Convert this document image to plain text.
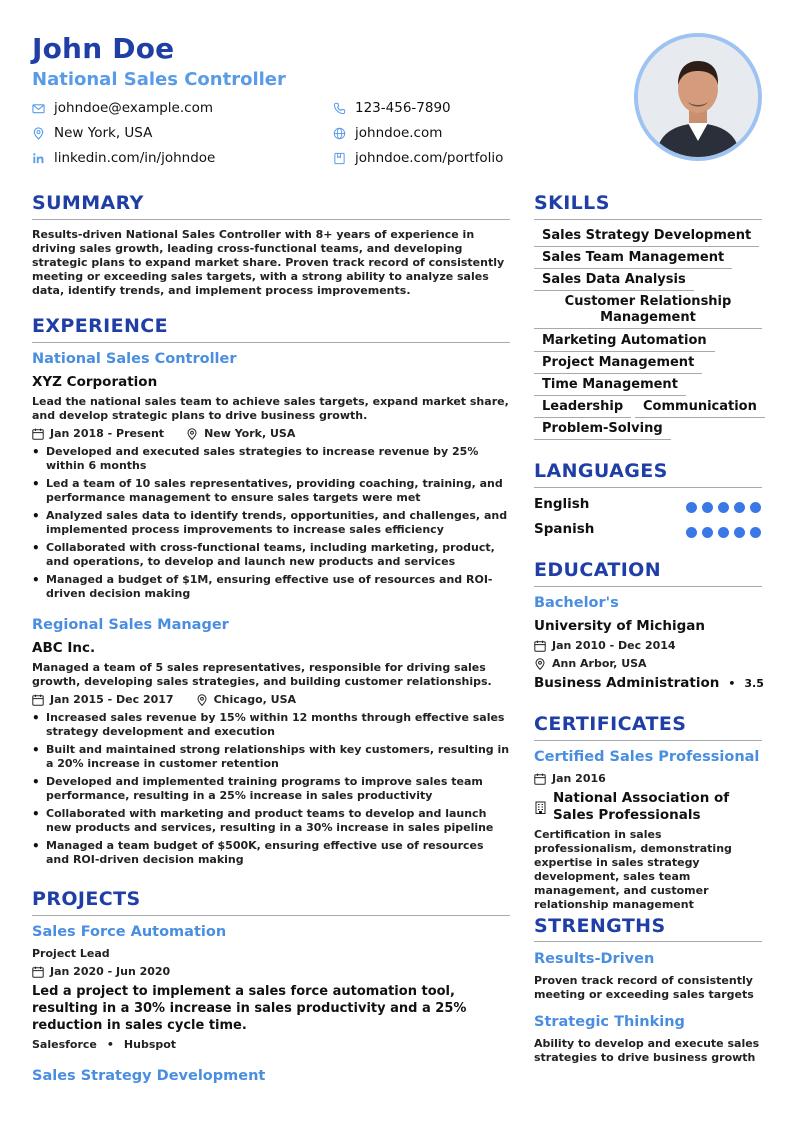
John Doe
National Sales Controller
johndoe@example.com	123-456-7890
New York, USA	johndoe.com
linkedin.com/in/johndoe	johndoe.com/portfolio
SUMMARY
Results-driven National Sales Controller with 8+ years of experience in driving sales growth, leading cross-functional teams, and developing strategic plans to expand market share. Proven track record of consistently meeting or exceeding sales targets, with a strong ability to analyze sales data, identify trends, and implement process improvements.
EXPERIENCE
National Sales Controller
XYZ Corporation
Lead the national sales team to achieve sales targets, expand market share, and develop strategic plans to drive business growth.
Jan 2018 - Present	New York, USA
• Developed and executed sales strategies to increase revenue by 25% within 6 months
• Led a team of 10 sales representatives, providing coaching, training, and performance management to ensure sales targets were met
• Analyzed sales data to identify trends, opportunities, and challenges, and implemented process improvements to increase sales efficiency
• Collaborated with cross-functional teams, including marketing, product, and operations, to develop and launch new products and services
• Managed a budget of $1M, ensuring effective use of resources and ROI-driven decision making
Regional Sales Manager
ABC Inc.
Managed a team of 5 sales representatives, responsible for driving sales growth, developing sales strategies, and building customer relationships.
Jan 2015 - Dec 2017	Chicago, USA
• Increased sales revenue by 15% within 12 months through effective sales strategy development and execution
• Built and maintained strong relationships with key customers, resulting in a 20% increase in customer retention
• Developed and implemented training programs to improve sales team performance, resulting in a 25% increase in sales productivity
• Collaborated with marketing and product teams to develop and launch new products and services, resulting in a 30% increase in sales pipeline
• Managed a team budget of $500K, ensuring effective use of resources and ROI-driven decision making
PROJECTS
Sales Force Automation
Project Lead
Jan 2020 - Jun 2020
Led a project to implement a sales force automation tool, resulting in a 30% increase in sales productivity and a 25% reduction in sales cycle time.
Salesforce • Hubspot
Sales Strategy Development
SKILLS
Sales Strategy Development
Sales Team Management
Sales Data Analysis
Customer Relationship Management
Marketing Automation
Project Management
Time Management
Leadership	Communication
Problem-Solving
LANGUAGES
English
Spanish
EDUCATION
Bachelor's
University of Michigan
Jan 2010 - Dec 2014
Ann Arbor, USA
Business Administration • 3.5
CERTIFICATES
Certified Sales Professional
Jan 2016
National Association of Sales Professionals
Certification in sales professionalism, demonstrating expertise in sales strategy development, sales team management, and customer relationship management
STRENGTHS
Results-Driven
Proven track record of consistently meeting or exceeding sales targets
Strategic Thinking
Ability to develop and execute sales strategies to drive business growth
